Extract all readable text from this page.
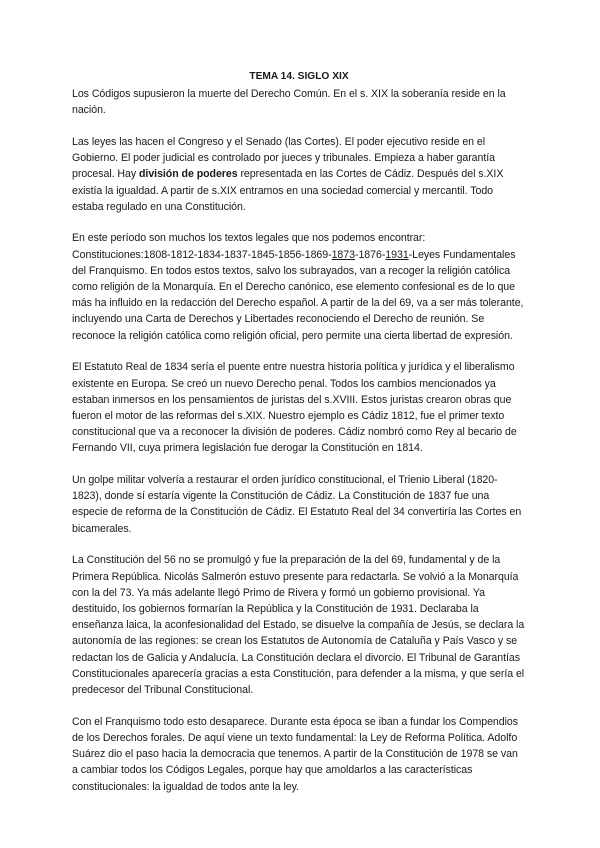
TEMA 14. SIGLO XIX

Los Códigos supusieron la muerte del Derecho Común. En el s. XIX la soberanía reside en la nación.

Las leyes las hacen el Congreso y el Senado (las Cortes). El poder ejecutivo reside en el Gobierno. El poder judicial es controlado por jueces y tribunales. Empieza a haber garantía procesal. Hay división de poderes representada en las Cortes de Cádiz. Después del s.XIX existía la igualdad. A partir de s.XIX entramos en una sociedad comercial y mercantil. Todo estaba regulado en una Constitución.

En este período son muchos los textos legales que nos podemos encontrar: Constituciones:1808-1812-1834-1837-1845-1856-1869-1873-1876-1931-Leyes Fundamentales del Franquismo. En todos estos textos, salvo los subrayados, van a recoger la religión católica como religión de la Monarquía. En el Derecho canónico, ese elemento confesional es de lo que más ha influido en la redacción del Derecho español. A partir de la del 69, va a ser más tolerante, incluyendo una Carta de Derechos y Libertades reconociendo el Derecho de reunión. Se reconoce la religión católica como religión oficial, pero permite una cierta libertad de expresión.

El Estatuto Real de 1834 sería el puente entre nuestra historia política y jurídica y el liberalismo existente en Europa. Se creó un nuevo Derecho penal. Todos los cambios mencionados ya estaban inmersos en los pensamientos de juristas del s.XVIII. Estos juristas crearon obras que fueron el motor de las reformas del s.XIX. Nuestro ejemplo es Cádiz 1812, fue el primer texto constitucional que va a reconocer la división de poderes. Cádiz nombró como Rey al becario de Fernando VII, cuya primera legislación fue derogar la Constitución en 1814.

Un golpe militar volvería a restaurar el orden jurídico constitucional, el Trienio Liberal (1820-1823), donde sí estaría vigente la Constitución de Cádiz. La Constitución de 1837 fue una especie de reforma de la Constitución de Cádiz. El Estatuto Real del 34 convertiría las Cortes en bicamerales.

La Constitución del 56 no se promulgó y fue la preparación de la del 69, fundamental y de la Primera República. Nicolás Salmerón estuvo presente para redactarla. Se volvió a la Monarquía con la del 73. Ya más adelante llegó Primo de Rivera y formó un gobierno provisional. Ya destituido, los gobiernos formarían la República y la Constitución de 1931. Declaraba la enseñanza laica, la aconfesionalidad del Estado, se disuelve la compañía de Jesús, se declara la autonomía de las regiones: se crean los Estatutos de Autonomía de Cataluña y País Vasco y se redactan los de Galicia y Andalucía. La Constitución declara el divorcio. El Tribunal de Garantías Constitucionales aparecería gracias a esta Constitución, para defender a la misma, y que sería el predecesor del Tribunal Constitucional.

Con el Franquismo todo esto desaparece. Durante esta época se iban a fundar los Compendios de los Derechos forales. De aquí viene un texto fundamental: la Ley de Reforma Política. Adolfo Suárez dio el paso hacia la democracia que tenemos. A partir de la Constitución de 1978 se van a cambiar todos los Códigos Legales, porque hay que amoldarlos a las características constitucionales: la igualdad de todos ante la ley.
